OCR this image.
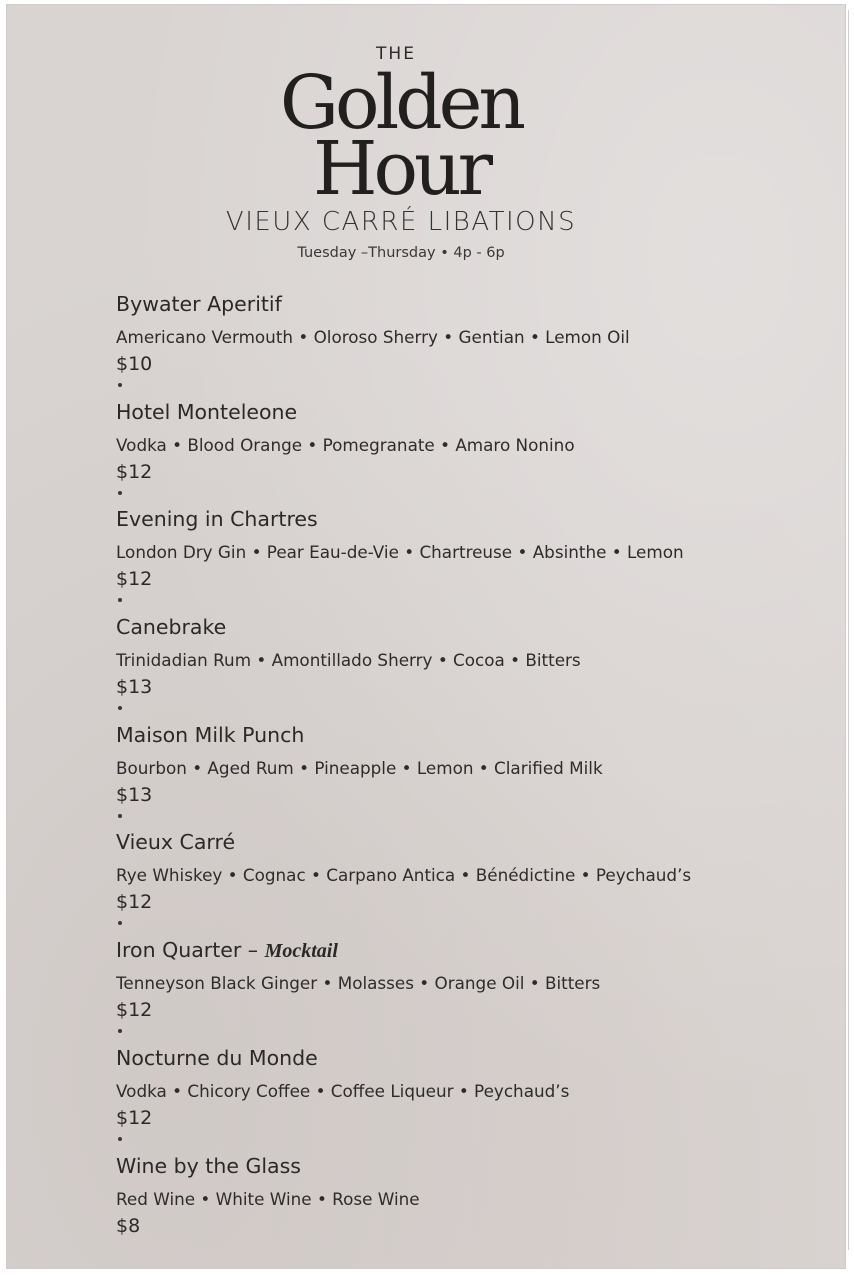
THE
Golden
Hour
VIEUX CARRÉ LIBATIONS
Tuesday –Thursday • 4p - 6p
Bywater Aperitif
Americano Vermouth • Oloroso Sherry • Gentian • Lemon Oil
$10
Hotel Monteleone
Vodka • Blood Orange • Pomegranate • Amaro Nonino
$12
Evening in Chartres
London Dry Gin • Pear Eau-de-Vie • Chartreuse • Absinthe • Lemon
$12
Canebrake
Trinidadian Rum • Amontillado Sherry • Cocoa • Bitters
$13
Maison Milk Punch
Bourbon • Aged Rum • Pineapple • Lemon • Clarified Milk
$13
Vieux Carré
Rye Whiskey • Cognac • Carpano Antica • Bénédictine • Peychaud’s
$12
Iron Quarter – Mocktail
Tenneyson Black Ginger • Molasses • Orange Oil • Bitters
$12
Nocturne du Monde
Vodka • Chicory Coffee • Coffee Liqueur • Peychaud’s
$12
Wine by the Glass
Red Wine • White Wine • Rose Wine
$8
